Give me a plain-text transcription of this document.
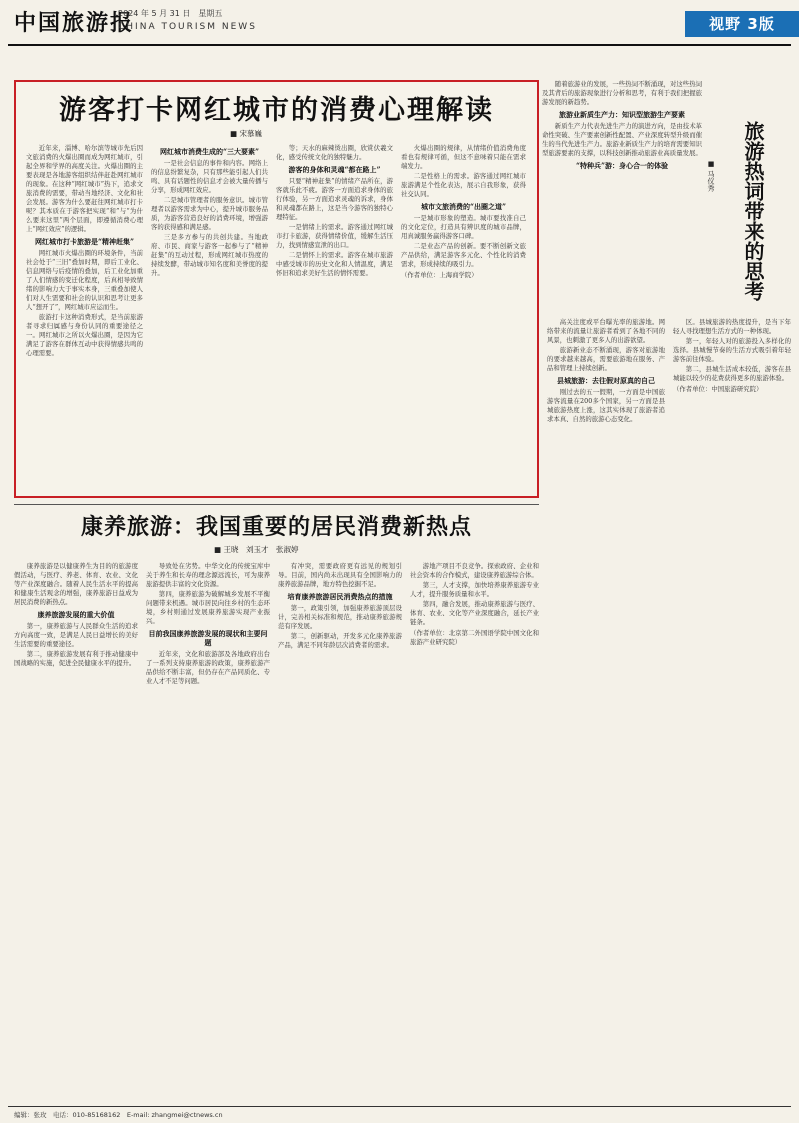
中国旅游报
2024 年 5 月 31 日　星期五
CHINA TOURISM NEWS	视野 3版
游客打卡网红城市的消费心理解读
■ 宋慕巍

近年来，淄博、哈尔滨等城市先后因文旅消费的火爆出圈而成为网红城市，引起全界和学界的高度关注。火爆出圈的主要表现是各地游客组织结伴赶赴网红城市的现象。在这种“网红城市”热下，追求文旅消费的需要，带动当地经济、文化和社会发展。游客为什么要赶往网红城市打卡呢？其本质在于游客把实现“和”与“为什么要来这里”两个层面，即遵循消费心理上“网红效应”的逻辑。

网红城市打卡旅游是“精神赶集”

网红城市火爆出圈的环境条件，当前社会处于“三旧”叠加时期，即后工业化、信息网络与后疫情的叠加，后工业化加重了人们情感的变迁化程度，后真相导致情绪的影响力大于事实本身，三重叠加使人们对人生需要和社会的认识和思考让更多人“想开了”，网红城市应运而生。

旅游打卡这种消费形式，是当前旅游者寻求归属感与身份认同的重要途径之一。网红城市之所以火爆出圈，是因为它满足了游客在群体互动中获得情感共鸣的心理需要。

网红城市消费生成的“三大要素”

一是社会信息的事件和内容。网络上的信息纷繁复杂，只有那些能引起人们共鸣、具有话题性的信息才会被大量传播与分享，形成网红效应。

二是城市管理者的服务意识。城市管理者以游客需求为中心，提升城市服务品质，为游客营造良好的消费环境，增强游客的获得感和满足感。

三是多方参与的共创共建。当地政府、市民、商家与游客一起参与了“精神赶集”的互动过程，形成网红城市热度的持续发酵，带动城市知名度和美誉度的提升。

等；天水的麻辣烫出圈，欣赏伏羲文化，感受传统文化的独特魅力。

游客的身体和灵魂“都在路上”

只要“精神赶集”的情绪产品所在，游客就乐此不疲。游客一方面追求身体的旅行体验，另一方面追求灵魂的诉求，身体和灵魂都在路上，这是当今游客的独特心理特征。

一是情绪上的需求。游客通过网红城市打卡旅游，获得情绪价值，缓解生活压力，找到情感宣泄的出口。

二是情怀上的需求。游客在城市旅游中感受城市的历史文化和人情温度，满足怀旧和追求美好生活的情怀需要。

火爆出圈的规律，从情绪价值消费角度看也有规律可循，但这不意味着只能在需求端发力。

二是性格上的需求。游客通过网红城市旅游满足个性化表达，展示自我形象，获得社交认同。

城市文旅消费的“出圈之道”

一是城市形象的塑造。城市要找准自己的文化定位，打造具有辨识度的城市品牌，用真诚服务赢得游客口碑。

二是业态产品的创新。要不断创新文旅产品供给，满足游客多元化、个性化的消费需求，形成持续的吸引力。

（作者单位：上海商学院）

随着旅游业的发展，一些热词不断涌现，对这些热词及其背后的旅游现象进行分析和思考，有利于我们把握旅游发展的新趋势。

旅游业新质生产力：知识型旅游生产要素

新质生产力代表先进生产力的演进方向，是由技术革命性突破、生产要素创新性配置、产业深度转型升级而催生的当代先进生产力。旅游业新质生产力的培育需要知识型旅游要素的支撑，以科技创新推动旅游业高质量发展。

“特种兵”游：身心合一的体验	旅游热词带来的思考
■ 马仪秀
康养旅游：我国重要的居民消费新热点
■ 王晓　刘玉才　张淑婷

康养旅游是以健康养生为目的的旅游度假活动，与医疗、养老、体育、农业、文化等产业深度融合。随着人民生活水平的提高和健康生活观念的增强，康养旅游日益成为居民消费的新热点。

康养旅游发展的重大价值

第一，康养旅游与人民群众生活的追求方向高度一致，是满足人民日益增长的美好生活需要的重要途径。

第二，康养旅游发展有利于推动健康中国战略的实施，促进全民健康水平的提升。

导致处在劣势。中华文化的传统宝库中关于养生和长寿的理念源远流长，可为康养旅游提供丰富的文化资源。

第四，康养旅游为破解城乡发展不平衡问题带来机遇。城市居民向往乡村的生态环境，乡村则通过发展康养旅游实现产业振兴。

目前我国康养旅游发展的现状和主要问题

近年来，文化和旅游部及各地政府出台了一系列支持康养旅游的政策，康养旅游产品供给不断丰富，但仍存在产品同质化、专业人才不足等问题。

有冲突，需要政府更有远见的规划引导。目前，国内尚未出现具有全国影响力的康养旅游品牌，地方特色挖掘不足。

培育康养旅游居民消费热点的措施

第一，政策引领，加强康养旅游顶层设计，完善相关标准和规范，推动康养旅游规范有序发展。

第二，创新驱动，开发多元化康养旅游产品，满足不同年龄层次消费者的需求。

游地产项目不良竞争。探索政府、企业和社会资本的合作模式，建设康养旅游综合体。

第三，人才支撑，加快培养康养旅游专业人才，提升服务质量和水平。

第四，融合发展，推动康养旅游与医疗、体育、农业、文化等产业深度融合，延长产业链条。

（作者单位：北京第二外国语学院中国文化和旅游产业研究院）

高关注度或平台曝光率的旅游地。网络带来的流量让旅游者看到了各地不同的风景，也刺激了更多人的出游欲望。

旅游新业态不断涌现，游客对旅游地的要求越来越高，需要旅游地在服务、产品和管理上持续创新。

县城旅游：去往假对原真的自己

刚过去的五一假期，一方面是中国旅游客流量在200多个国家，另一方面是县城旅游热度上涨，这其实体现了旅游者追求本真、自然的旅游心态变化。

区。县城旅游的热度提升，是当下年轻人寻找理想生活方式的一种体现。

第一，年轻人对的旅游投入多样化的选择。县城慢节奏的生活方式吸引着年轻游客前往体验。

第二，县城生活成本较低，游客在县城能以较少的花费获得更多的旅游体验。

（作者单位：中国旅游研究院）

编辑：张玫　电话：010-85168162　E-mail: zhangmei@ctnews.cn
